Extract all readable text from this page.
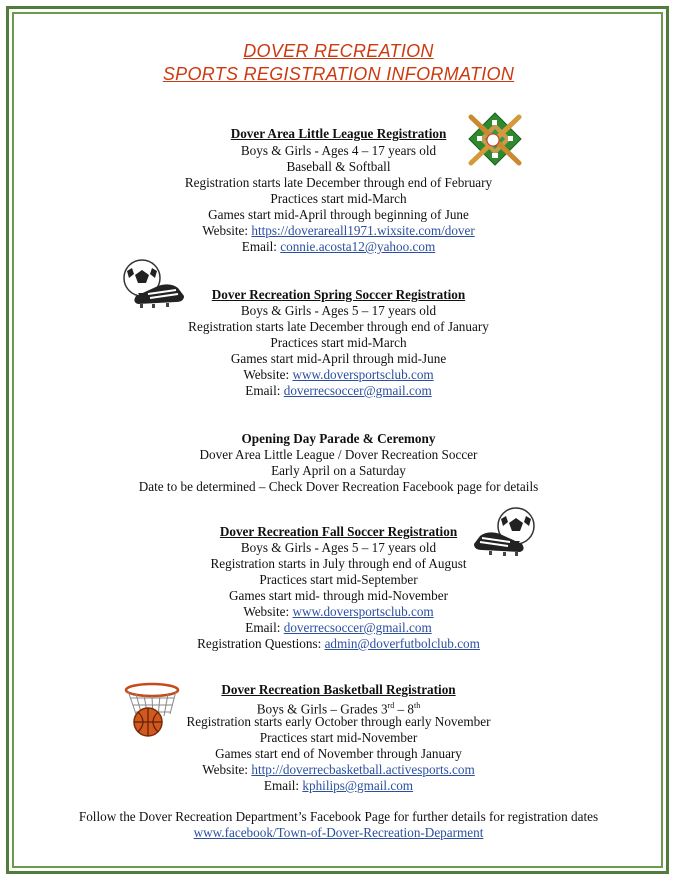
DOVER RECREATION
SPORTS REGISTRATION INFORMATION
Dover Area Little League Registration
Boys & Girls - Ages 4 – 17 years old
Baseball & Softball
Registration starts late December through end of February
Practices start mid-March
Games start mid-April through beginning of June
Website: https://doverareall1971.wixsite.com/dover
Email: connie.acosta12@yahoo.com
Dover Recreation Spring Soccer Registration
Boys & Girls - Ages 5 – 17 years old
Registration starts late December through end of January
Practices start mid-March
Games start mid-April through mid-June
Website: www.doversportsclub.com
Email: doverrecsoccer@gmail.com
Opening Day Parade & Ceremony
Dover Area Little League / Dover Recreation Soccer
Early April on a Saturday
Date to be determined – Check Dover Recreation Facebook page for details
Dover Recreation Fall Soccer Registration
Boys & Girls - Ages 5 – 17 years old
Registration starts in July through end of August
Practices start mid-September
Games start mid- through mid-November
Website: www.doversportsclub.com
Email: doverrecsoccer@gmail.com
Registration Questions: admin@doverfutbolclub.com
Dover Recreation Basketball Registration
Boys & Girls – Grades 3rd – 8th
Registration starts early October through early November
Practices start mid-November
Games start end of November through January
Website: http://doverrecbasketball.activesports.com
Email: kphilips@gmail.com
Follow the Dover Recreation Department’s Facebook Page for further details for registration dates
www.facebook/Town-of-Dover-Recreation-Deparment
